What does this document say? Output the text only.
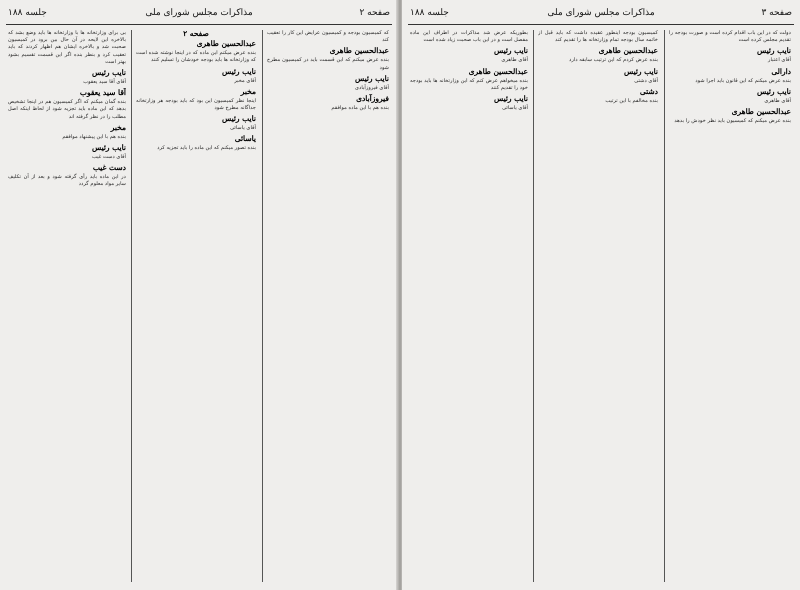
جلسه ۱۸۸	مذاکرات مجلس شورای ملی	صفحه ۲

بی برای وزارتخانه ها با وزارتخانه ها باید وضع بشد که بالاخره این لایحه در آن حال بین برود در کمیسیون صحبت شد و بالاخره ایشان هم اظهار کردند که باید تعقیب کرد و بنظر بنده اگر این قسمت تقسیم بشود بهتر است

نایب رئیس

آقای آقا سید یعقوب

آقا سید یعقوب

بنده گمان میکنم که اگر کمیسیون هم در اینجا تشخیص بدهد که این ماده باید تجزیه شود از لحاظ اینکه اصل مطلب را در نظر گرفته اند

مخبر

بنده هم با این پیشنهاد موافقم

نایب رئیس

آقای دست غیب

دست غیب

در این ماده باید رأی گرفته شود و بعد از آن تکلیف سایر مواد معلوم گردد

صفحه ۲
عبدالحسین طاهری

بنده عرض میکنم این ماده که در اینجا نوشته شده است که وزارتخانه ها باید بودجه خودشان را تسلیم کنند

نایب رئیس

آقای مخبر

مخبر

اینجا نظر کمیسیون این بود که باید بودجه هر وزارتخانه جداگانه مطرح شود

نایب رئیس

آقای یاسائی

یاسائی

بنده تصور میکنم که این ماده را باید تجزیه کرد

که کمیسیون بودجه و کمیسیون عرایض این کار را تعقیب کند

عبدالحسین طاهری

بنده عرض میکنم که این قسمت باید در کمیسیون مطرح شود

نایب رئیس

آقای فیروزآبادی

فیروزآبادی

بنده هم با این ماده موافقم

جلسه ۱۸۸	مذاکرات مجلس شورای ملی	صفحه ۳

بطوریکه عرض شد مذاکرات در اطراف این ماده مفصل است و در این باب صحبت زیاد شده است

نایب رئیس

آقای طاهری

عبدالحسین طاهری

بنده میخواهم عرض کنم که این وزارتخانه ها باید بودجه خود را تقدیم کنند

نایب رئیس

آقای یاسائی

کمیسیون بودجه اینطور عقیده داشت که باید قبل از خاتمه سال بودجه تمام وزارتخانه ها را تقدیم کند

عبدالحسین طاهری

بنده عرض کردم که این ترتیب سابقه دارد

نایب رئیس

آقای دشتی

دشتی

بنده مخالفم با این ترتیب

دولت که در این باب اقدام کرده است و صورت بودجه را تقدیم مجلس کرده است

نایب رئیس

آقای اعتبار

دارالی

بنده عرض میکنم که این قانون باید اجرا شود

نایب رئیس

آقای طاهری

عبدالحسین طاهری

بنده عرض میکنم که کمیسیون باید نظر خودش را بدهد
